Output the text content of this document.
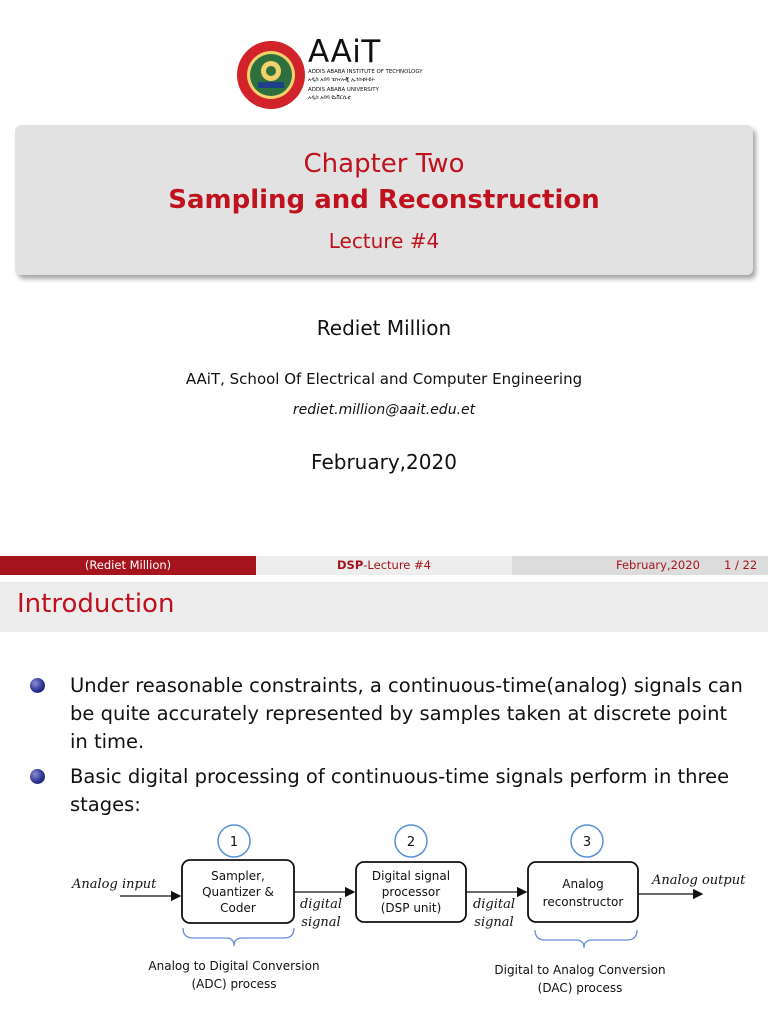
AAiT
ADDIS ABABA INSTITUTE OF TECHNOLOGY
አዲስ አበባ ቴክኖሎጂ ኢንስቲትዩት
ADDIS ABABA UNIVERSITY
አዲስ አበባ ዩኒቨርሲቲ
Chapter Two
Sampling and Reconstruction
Lecture #4
Rediet Million
AAiT, School Of Electrical and Computer Engineering
rediet.million@aait.edu.et
February,2020
(Rediet Million)	DSP-Lecture #4	February,2020 1 / 22
Introduction
Under reasonable constraints, a continuous-time(analog) signals can be quite accurately represented by samples taken at discrete point in time.
Basic digital processing of continuous-time signals perform in three stages:
1	2	3
Sampler,
Quantizer &
Coder
Digital signal
processor
(DSP unit)
Analog
reconstructor
Analog input	Analog output
digital
signal
digital
signal
Analog to Digital Conversion
(ADC) process
Digital to Analog Conversion
(DAC) process
